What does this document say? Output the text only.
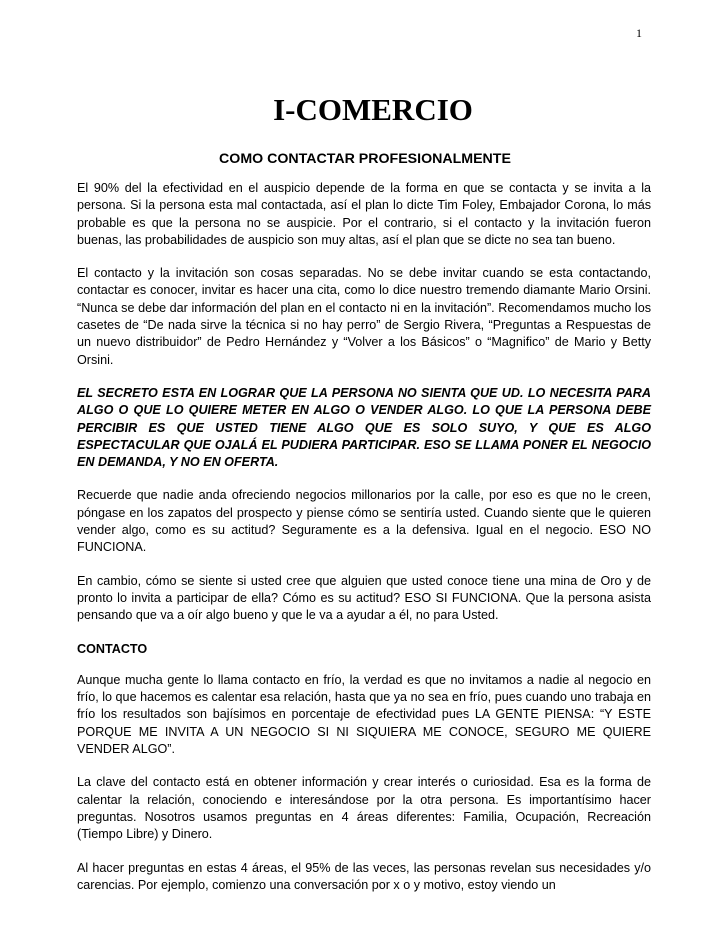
1
I-COMERCIO
COMO CONTACTAR PROFESIONALMENTE

El 90% del la efectividad en el auspicio depende de la forma en que se contacta y se invita a la persona. Si la persona esta mal contactada, así el plan lo dicte Tim Foley, Embajador Corona, lo más probable es que la persona no se auspicie. Por el contrario, si el contacto y la invitación fueron buenas, las probabilidades de auspicio son muy altas, así el plan que se dicte no sea tan bueno.

El contacto y la invitación son cosas separadas. No se debe invitar cuando se esta contactando, contactar es conocer, invitar es hacer una cita, como lo dice nuestro tremendo diamante Mario Orsini. “Nunca se debe dar información del plan en el contacto ni en la invitación”. Recomendamos mucho los casetes de “De nada sirve la técnica si no hay perro” de Sergio Rivera, “Preguntas a Respuestas de un nuevo distribuidor” de Pedro Hernández y “Volver a los Básicos” o “Magnifico” de Mario y Betty Orsini.

EL SECRETO ESTA EN LOGRAR QUE LA PERSONA NO SIENTA QUE UD. LO NECESITA PARA ALGO O QUE LO QUIERE METER EN ALGO O VENDER ALGO. LO QUE LA PERSONA DEBE PERCIBIR ES QUE USTED TIENE ALGO QUE ES SOLO SUYO, Y QUE ES ALGO ESPECTACULAR QUE OJALÁ EL PUDIERA PARTICIPAR. ESO SE LLAMA PONER EL NEGOCIO EN DEMANDA, Y NO EN OFERTA.

Recuerde que nadie anda ofreciendo negocios millonarios por la calle, por eso es que no le creen, póngase en los zapatos del prospecto y piense cómo se sentiría usted. Cuando siente que le quieren vender algo, como es su actitud? Seguramente es a la defensiva. Igual en el negocio. ESO NO FUNCIONA.

En cambio, cómo se siente si usted cree que alguien que usted conoce tiene una mina de Oro y de pronto lo invita a participar de ella? Cómo es su actitud? ESO SI FUNCIONA. Que la persona asista pensando que va a oír algo bueno y que le va a ayudar a él, no para Usted.

CONTACTO

Aunque mucha gente lo llama contacto en frío, la verdad es que no invitamos a nadie al negocio en frío, lo que hacemos es calentar esa relación, hasta que ya no sea en frío, pues cuando uno trabaja en frío los resultados son bajísimos en porcentaje de efectividad pues LA GENTE PIENSA: “Y ESTE PORQUE ME INVITA A UN NEGOCIO SI NI SIQUIERA ME CONOCE, SEGURO ME QUIERE VENDER ALGO”.

La clave del contacto está en obtener información y crear interés o curiosidad. Esa es la forma de calentar la relación, conociendo e interesándose por la otra persona. Es importantísimo hacer preguntas. Nosotros usamos preguntas en 4 áreas diferentes: Familia, Ocupación, Recreación (Tiempo Libre) y Dinero.

Al hacer preguntas en estas 4 áreas, el 95% de las veces, las personas revelan sus necesidades y/o carencias. Por ejemplo, comienzo una conversación por x o y motivo, estoy viendo un
